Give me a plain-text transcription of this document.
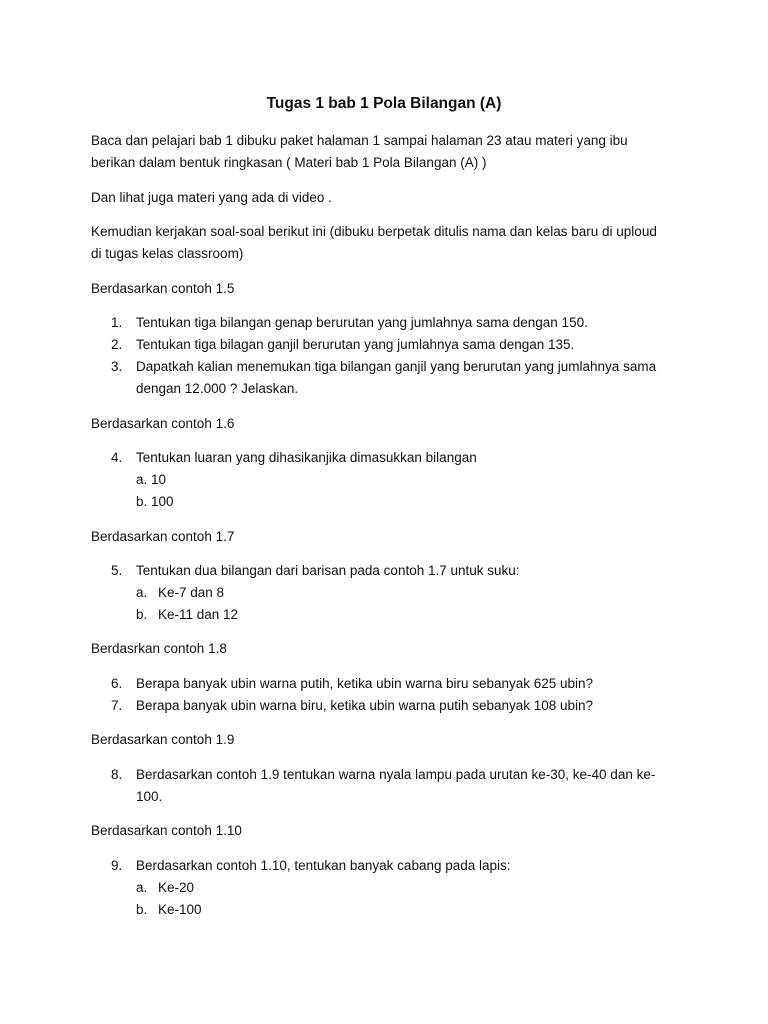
Tugas 1 bab 1 Pola Bilangan (A)
Baca dan pelajari bab 1 dibuku paket halaman 1 sampai halaman 23 atau materi yang ibu
berikan dalam bentuk ringkasan ( Materi bab 1 Pola Bilangan (A) )
Dan lihat juga materi yang ada di video .
Kemudian kerjakan soal-soal berikut ini (dibuku berpetak ditulis nama dan kelas baru di uploud
di tugas kelas classroom)
Berdasarkan contoh 1.5
1. Tentukan tiga bilangan genap berurutan yang jumlahnya sama dengan 150.
2. Tentukan tiga bilagan ganjil berurutan yang jumlahnya sama dengan 135.
3. Dapatkah kalian menemukan tiga bilangan ganjil yang berurutan yang jumlahnya sama
dengan 12.000 ? Jelaskan.
Berdasarkan contoh 1.6
4. Tentukan luaran yang dihasikanjika dimasukkan bilangan
a. 10
b. 100
Berdasarkan contoh 1.7
5. Tentukan dua bilangan dari barisan pada contoh 1.7 untuk suku:
a. Ke-7 dan 8
b. Ke-11 dan 12
Berdasrkan contoh 1.8
6. Berapa banyak ubin warna putih, ketika ubin warna biru sebanyak 625 ubin?
7. Berapa banyak ubin warna biru, ketika ubin warna putih sebanyak 108 ubin?
Berdasarkan contoh 1.9
8. Berdasarkan contoh 1.9 tentukan warna nyala lampu pada urutan ke-30, ke-40 dan ke-
100.
Berdasarkan contoh 1.10
9. Berdasarkan contoh 1.10, tentukan banyak cabang pada lapis:
a. Ke-20
b. Ke-100
